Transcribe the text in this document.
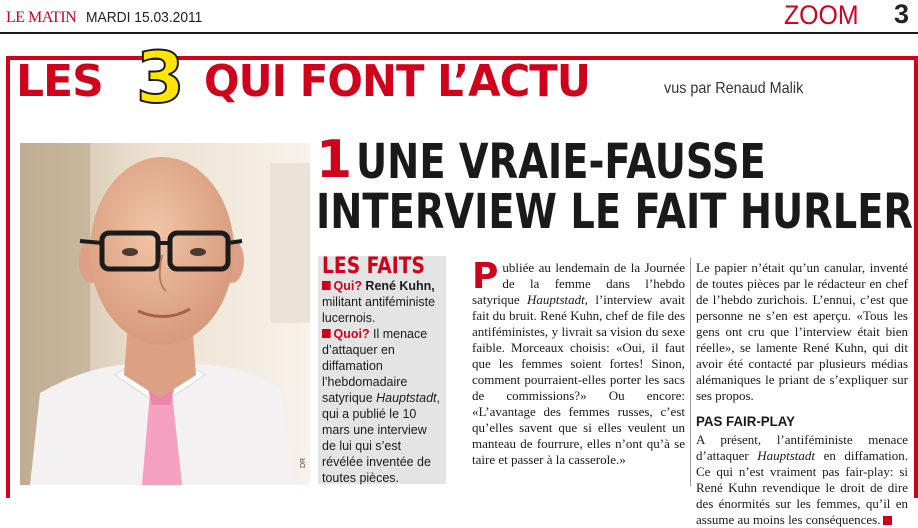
LE MATIN MARDI 15.03.2011	ZOOM 3
LES 3 QUI FONT L’ACTU	vus par Renaud Malik
DR
1 UNE VRAIE-FAUSSE
INTERVIEW LE FAIT HURLER
LES FAITS

Qui? René Kuhn, militant antiféministe lucernois.

Quoi? Il menace d’attaquer en diffamation l’hebdomadaire satyrique Hauptstadt, qui a publié le 10 mars une interview de lui qui s’est révélée inventée de toutes pièces.

Publiée au lendemain de la Journée de la femme dans l’hebdo satyrique Hauptstadt, l’interview avait fait du bruit. René Kuhn, chef de file des antiféministes, y livrait sa vision du sexe faible. Morceaux choisis: «Oui, il faut que les femmes soient fortes! Sinon, comment pourraient-elles porter les sacs de commissions?» Ou encore: «L’avantage des femmes russes, c’est qu’elles savent que si elles veulent un manteau de fourrure, elles n’ont qu’à se taire et passer à la casserole.»

Le papier n’était qu’un canular, inventé de toutes pièces par le rédacteur en chef de l’hebdo zurichois. L’ennui, c’est que personne ne s’en est aperçu. «Tous les gens ont cru que l’interview était bien réelle», se lamente René Kuhn, qui dit avoir été contacté par plusieurs médias alémaniques le priant de s’expliquer sur ses propos.

PAS FAIR-PLAY

A présent, l’antiféministe menace d’attaquer Hauptstadt en diffamation. Ce qui n’est vraiment pas fair-play: si René Kuhn revendique le droit de dire des énormités sur les femmes, qu’il en assume au moins les conséquences.
